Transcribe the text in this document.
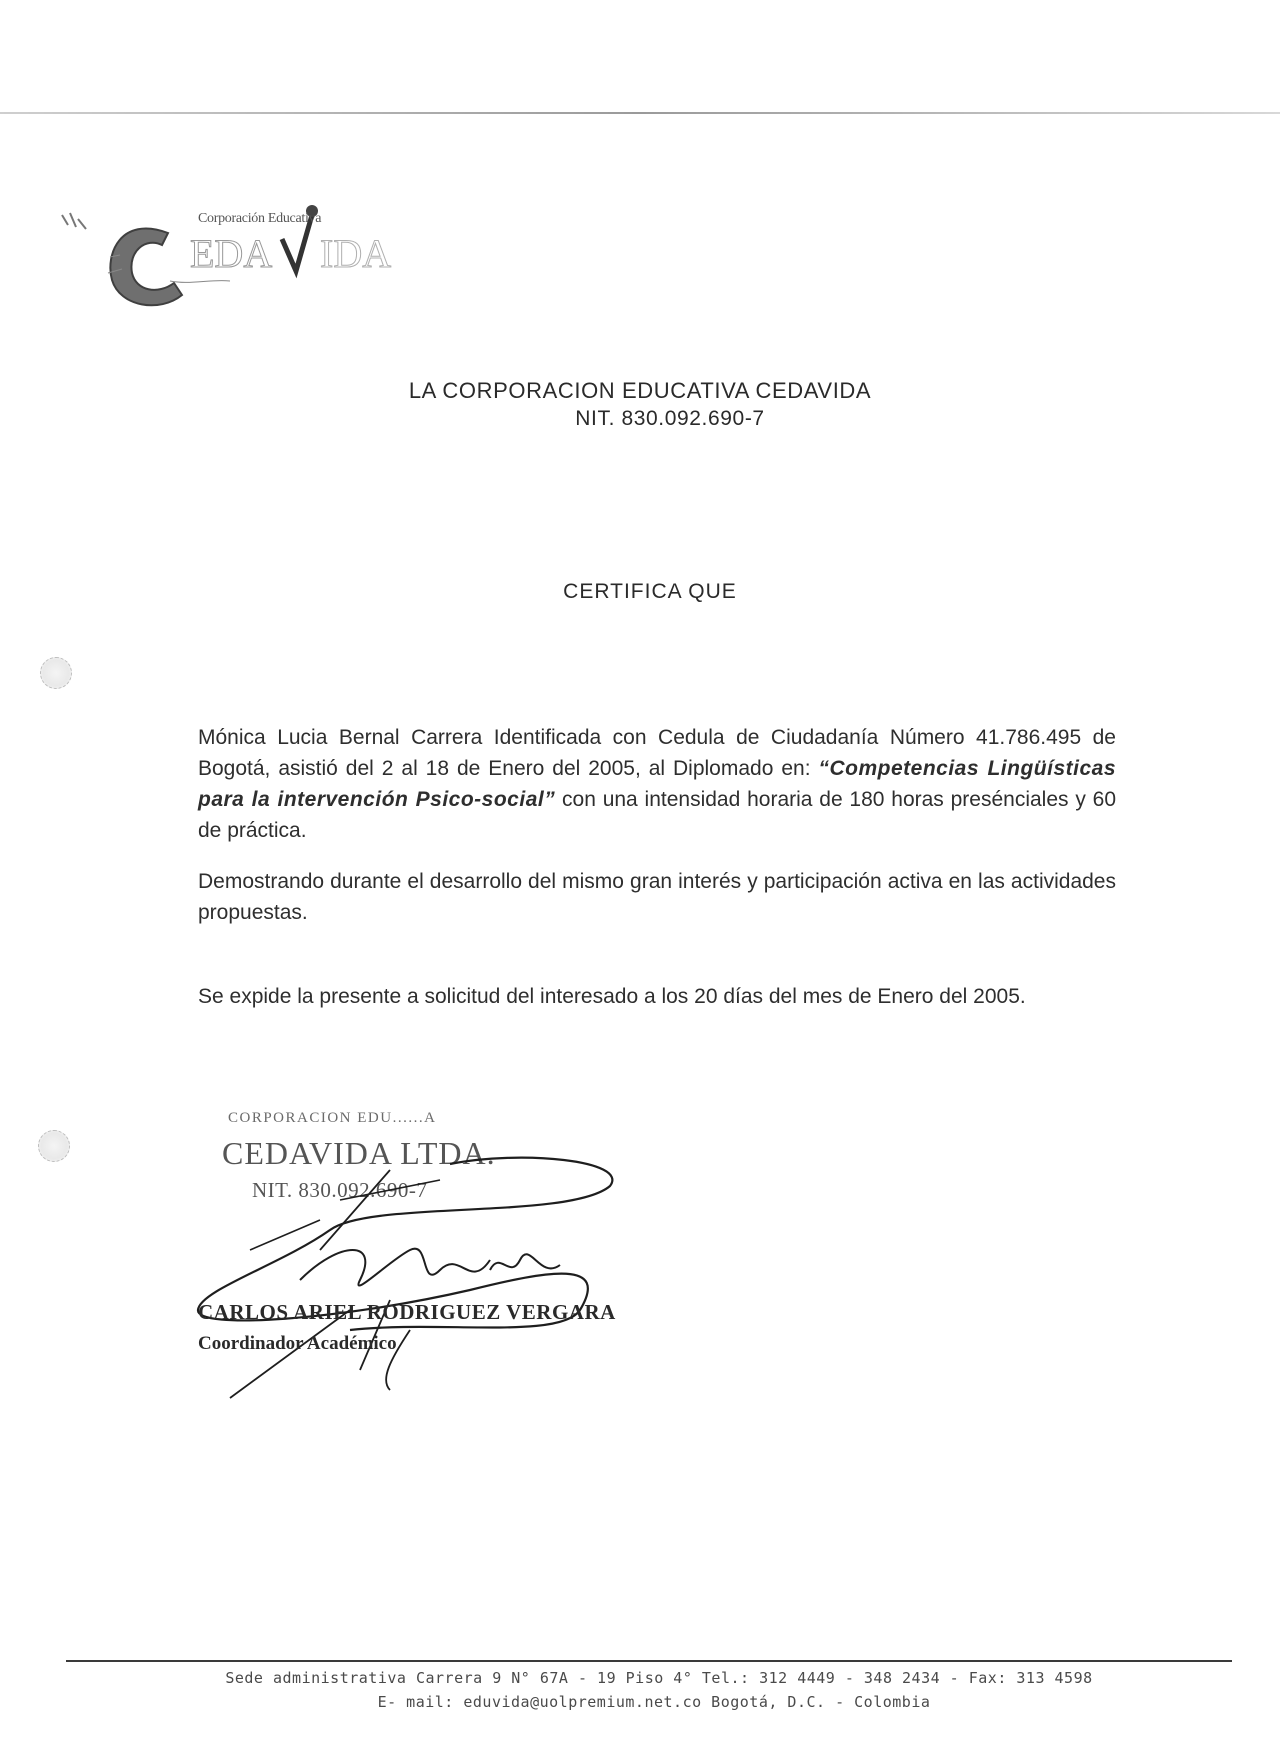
EDA IDA
Corporación Educativa
LA CORPORACION EDUCATIVA CEDAVIDA
NIT. 830.092.690-7
CERTIFICA QUE
Mónica Lucia Bernal Carrera Identificada con Cedula de Ciudadanía Número 41.786.495 de Bogotá, asistió del 2 al 18 de Enero del 2005, al Diplomado en: “Competencias Lingüísticas para la intervención Psico-social” con una intensidad horaria de 180 horas presénciales y 60 de práctica.
Demostrando durante el desarrollo del mismo gran interés y participación activa en las actividades propuestas.
Se expide la presente a solicitud del interesado a los 20 días del mes de Enero del 2005.
CORPORACION EDU......A
CEDAVIDA LTDA.
NIT. 830.092.690-7
CARLOS ARIEL RODRIGUEZ VERGARA
Coordinador Académico
Sede administrativa Carrera 9 N° 67A - 19 Piso 4° Tel.: 312 4449 - 348 2434 - Fax: 313 4598
E- mail: eduvida@uolpremium.net.co Bogotá, D.C. - Colombia
